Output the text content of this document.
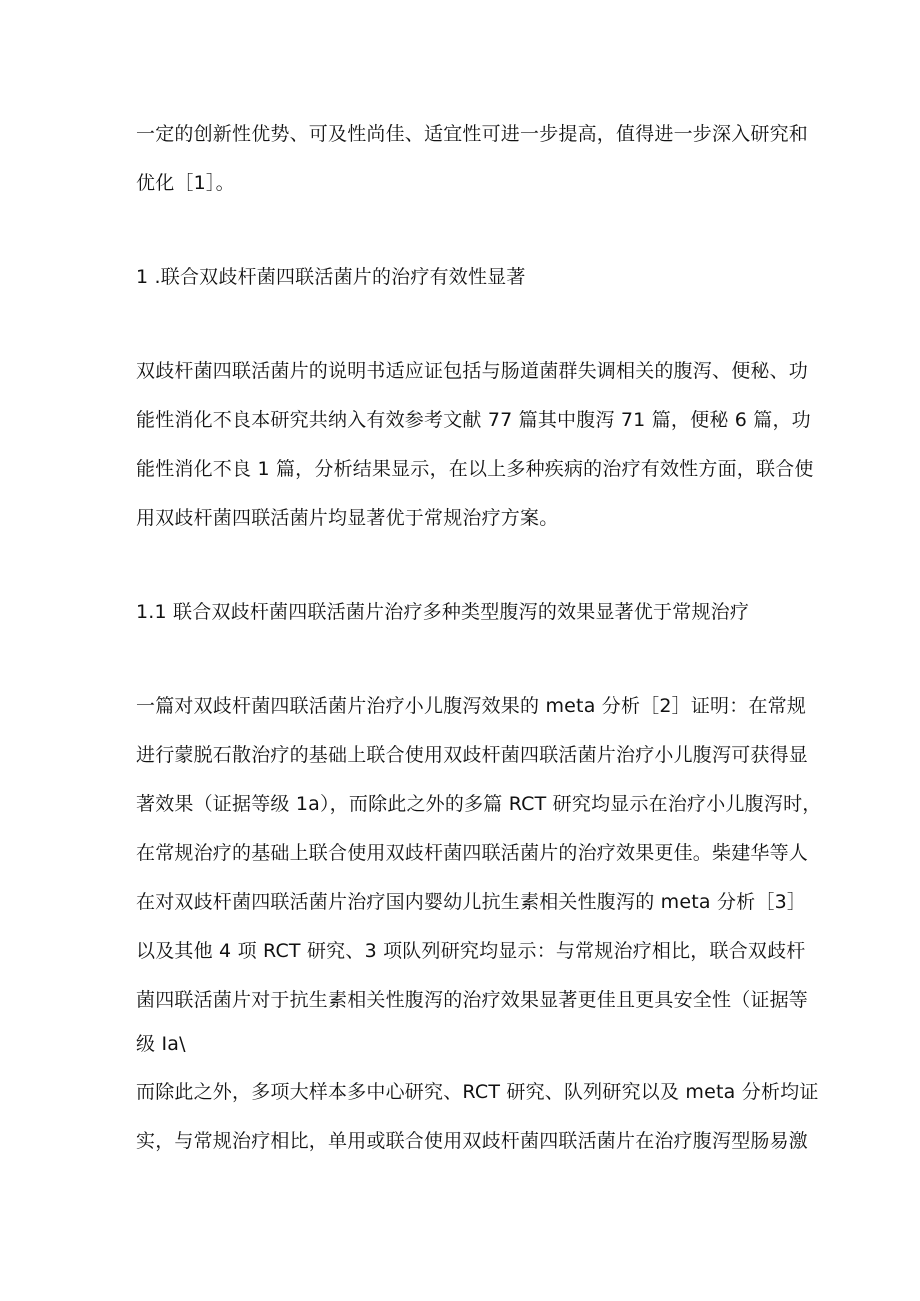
一定的创新性优势、可及性尚佳、适宜性可进一步提高，值得进一步深入研究和
优化［1］。
1 .联合双歧杆菌四联活菌片的治疗有效性显著
双歧杆菌四联活菌片的说明书适应证包括与肠道菌群失调相关的腹泻、便秘、功
能性消化不良本研究共纳入有效参考文献 77 篇其中腹泻 71 篇，便秘 6 篇，功
能性消化不良 1 篇，分析结果显示，在以上多种疾病的治疗有效性方面，联合使
用双歧杆菌四联活菌片均显著优于常规治疗方案。
1.1 联合双歧杆菌四联活菌片治疗多种类型腹泻的效果显著优于常规治疗
一篇对双歧杆菌四联活菌片治疗小儿腹泻效果的 meta 分析［2］证明：在常规
进行蒙脱石散治疗的基础上联合使用双歧杆菌四联活菌片治疗小儿腹泻可获得显
著效果（证据等级 1a），而除此之外的多篇 RCT 研究均显示在治疗小儿腹泻时，
在常规治疗的基础上联合使用双歧杆菌四联活菌片的治疗效果更佳。柴建华等人
在对双歧杆菌四联活菌片治疗国内婴幼儿抗生素相关性腹泻的 meta 分析［3］
以及其他 4 项 RCT 研究、3 项队列研究均显示：与常规治疗相比，联合双歧杆
菌四联活菌片对于抗生素相关性腹泻的治疗效果显著更佳且更具安全性（证据等
级 Ia\
而除此之外，多项大样本多中心研究、RCT 研究、队列研究以及 meta 分析均证
实，与常规治疗相比，单用或联合使用双歧杆菌四联活菌片在治疗腹泻型肠易激
